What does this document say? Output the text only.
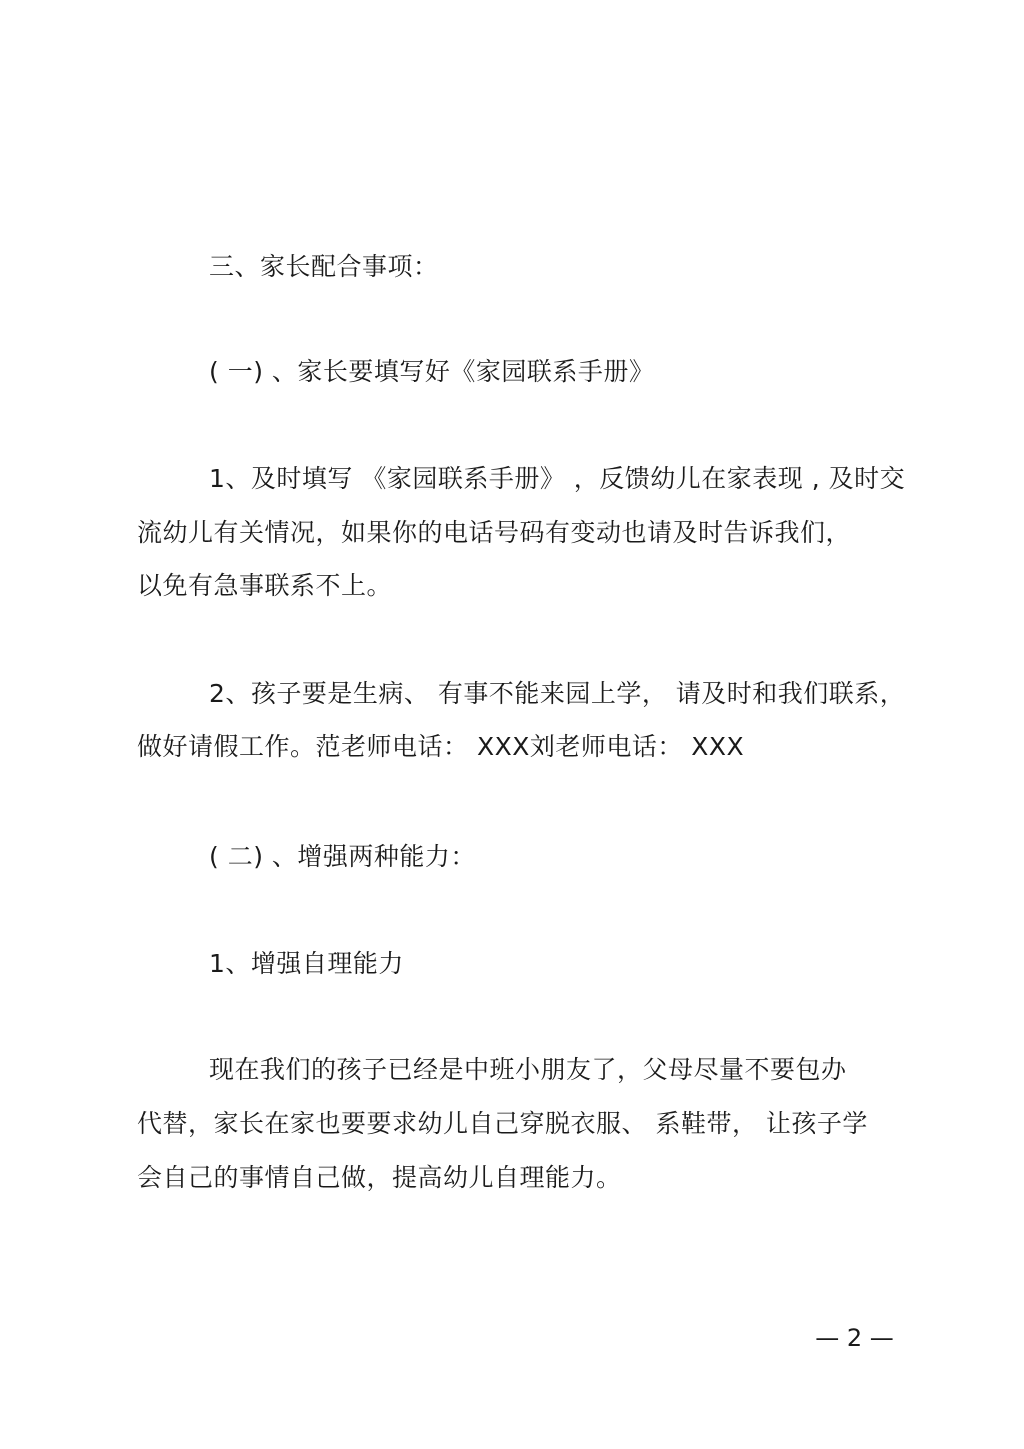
三、家长配合事项：
( 一) 、家长要填写好《家园联系手册》
1、及时填写 《家园联系手册》 ，反馈幼儿在家表现 , 及时交
流幼儿有关情况，如果你的电话号码有变动也请及时告诉我们，
以免有急事联系不上。
2、孩子要是生病、 有事不能来园上学， 请及时和我们联系，
做好请假工作。范老师电话： XXX刘老师电话： XXX
( 二) 、增强两种能力：
1、增强自理能力
现在我们的孩子已经是中班小朋友了，父母尽量不要包办
代替，家长在家也要要求幼儿自己穿脱衣服、 系鞋带， 让孩子学
会自己的事情自己做，提高幼儿自理能力。
— 2 —
